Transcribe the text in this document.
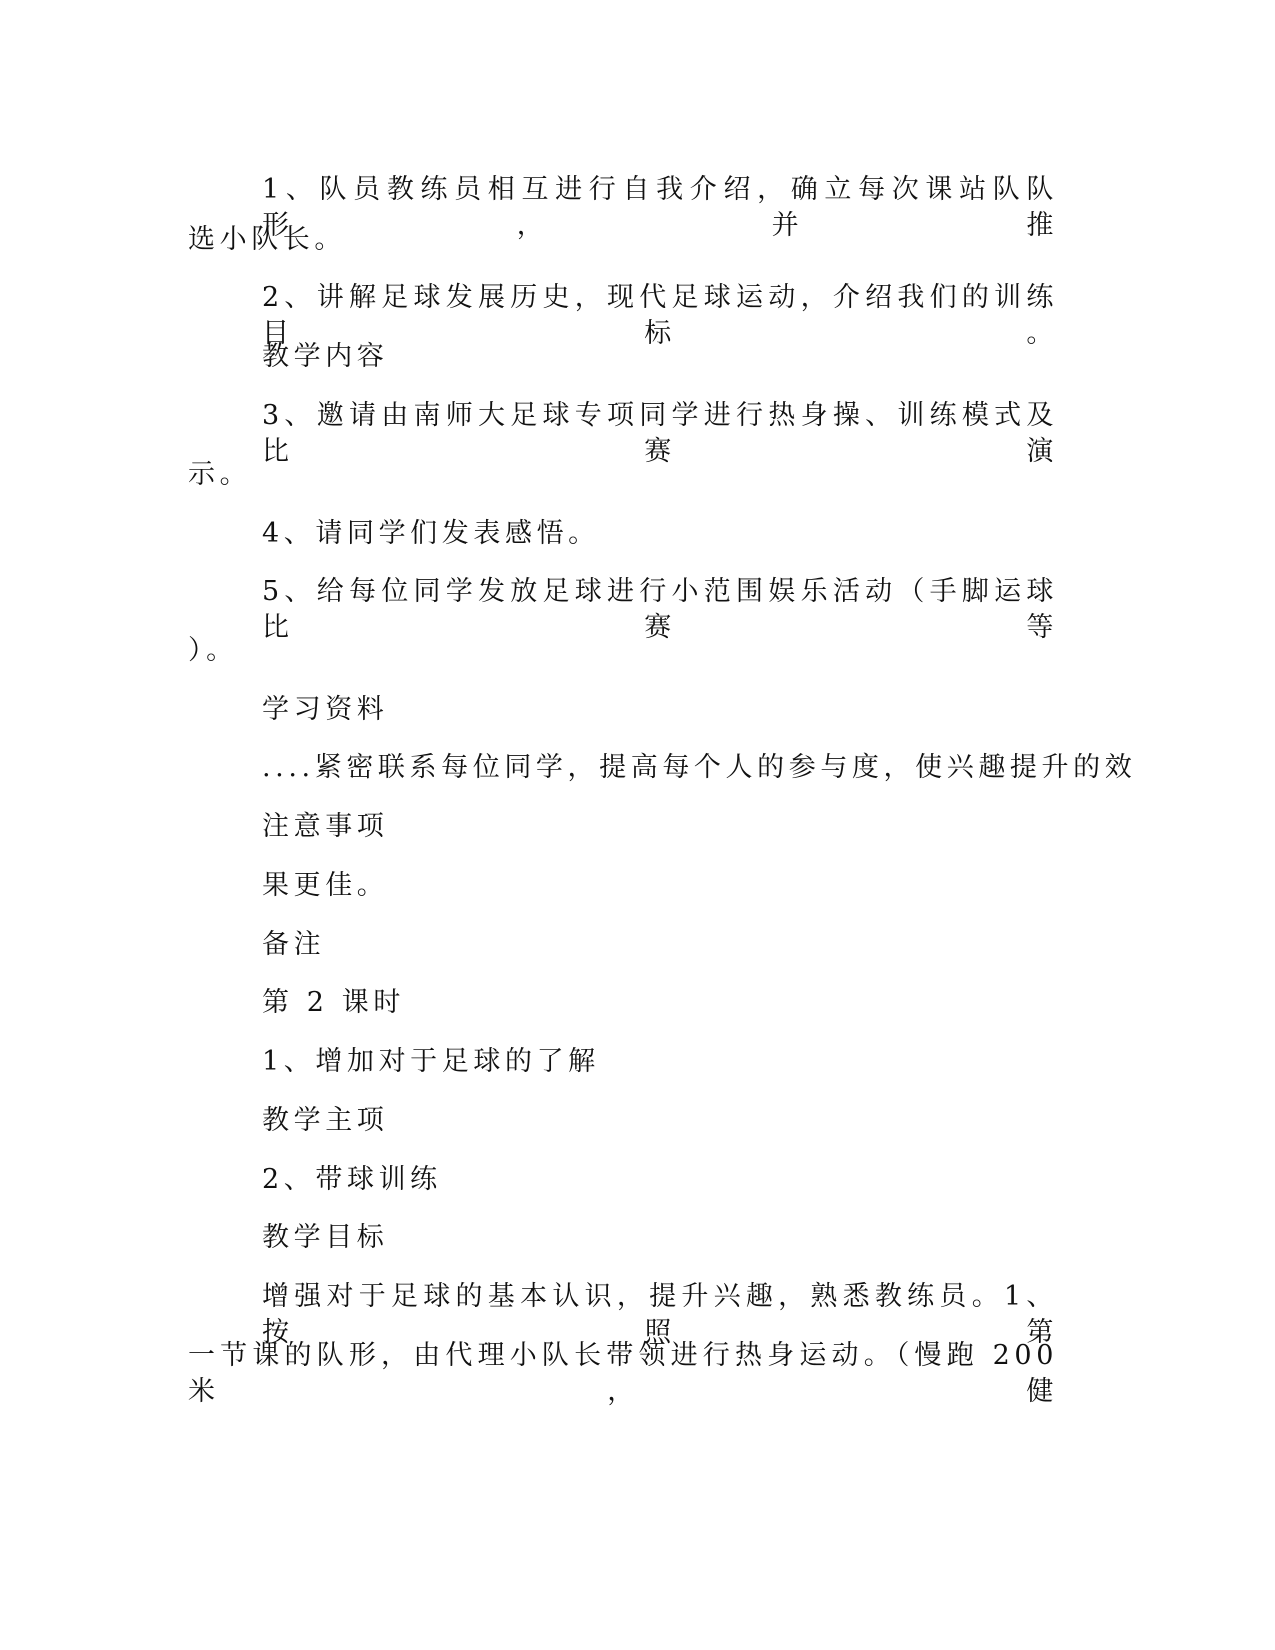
1、队员教练员相互进行自我介绍，确立每次课站队队形，并推
选小队长。
2、讲解足球发展历史，现代足球运动，介绍我们的训练目标。
教学内容
3、邀请由南师大足球专项同学进行热身操、训练模式及比赛演
示。
4、请同学们发表感悟。
5、给每位同学发放足球进行小范围娱乐活动（手脚运球比赛等
）。
学习资料
....紧密联系每位同学，提高每个人的参与度，使兴趣提升的效
注意事项
果更佳。
备注
第 2 课时
1、增加对于足球的了解
教学主项
2、带球训练
教学目标
增强对于足球的基本认识，提升兴趣，熟悉教练员。1、按照第
一节课的队形，由代理小队长带领进行热身运动。（慢跑 200 米，健
